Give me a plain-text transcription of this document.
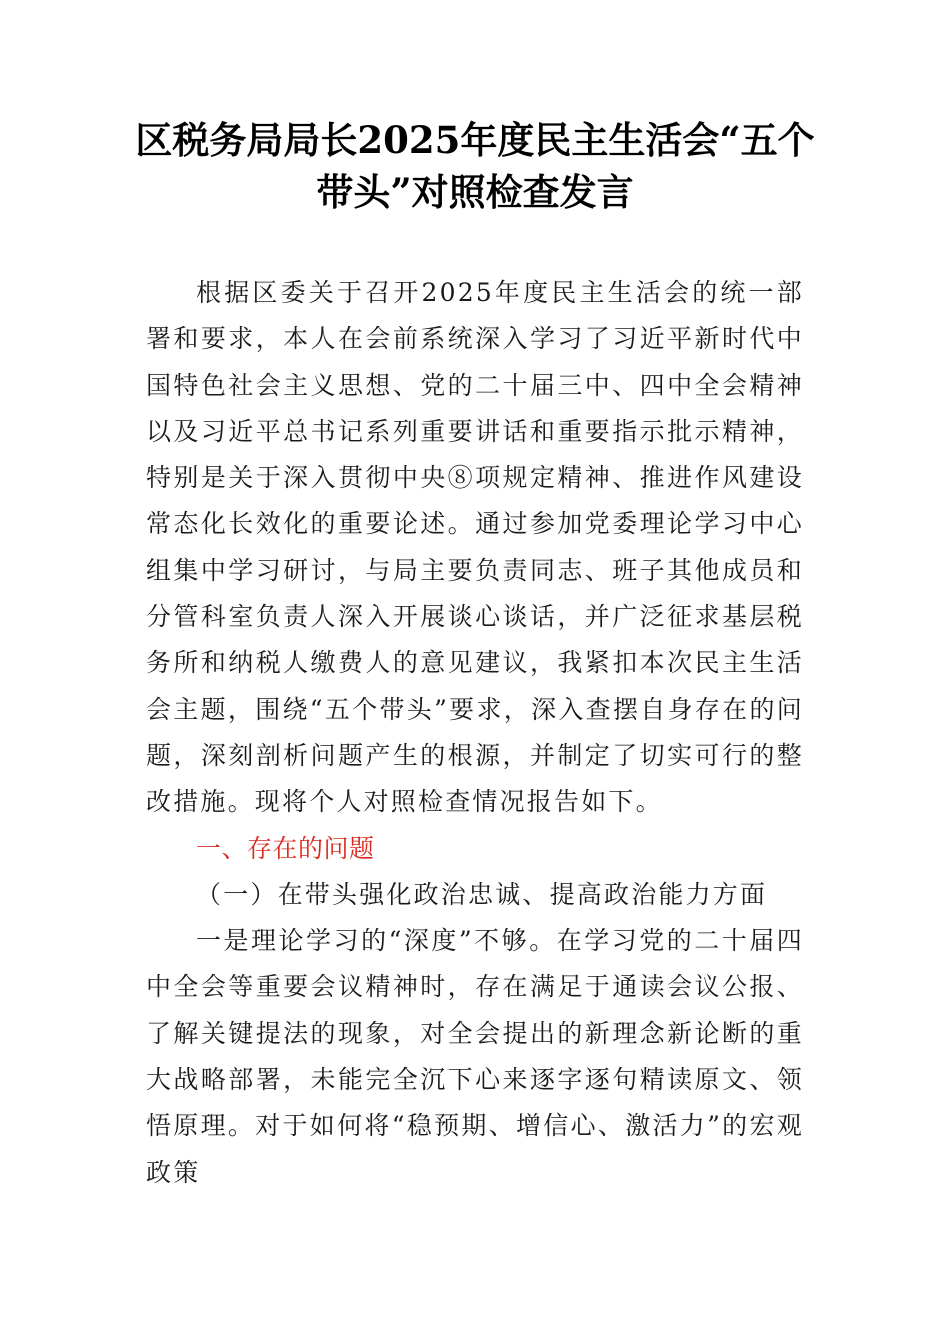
区税务局局长2025年度民主生活会“五个带头”对照检查发言

根据区委关于召开2025年度民主生活会的统一部署和要求，本人在会前系统深入学习了习近平新时代中国特色社会主义思想、党的二十届三中、四中全会精神以及习近平总书记系列重要讲话和重要指示批示精神，特别是关于深入贯彻中央⑧项规定精神、推进作风建设常态化长效化的重要论述。通过参加党委理论学习中心组集中学习研讨，与局主要负责同志、班子其他成员和分管科室负责人深入开展谈心谈话，并广泛征求基层税务所和纳税人缴费人的意见建议，我紧扣本次民主生活会主题，围绕“五个带头”要求，深入查摆自身存在的问题，深刻剖析问题产生的根源，并制定了切实可行的整改措施。现将个人对照检查情况报告如下。

一、存在的问题

（一）在带头强化政治忠诚、提高政治能力方面

一是理论学习的“深度”不够。在学习党的二十届四中全会等重要会议精神时，存在满足于通读会议公报、了解关键提法的现象，对全会提出的新理念新论断的重大战略部署，未能完全沉下心来逐字逐句精读原文、领悟原理。对于如何将“稳预期、增信心、激活力”的宏观政策
